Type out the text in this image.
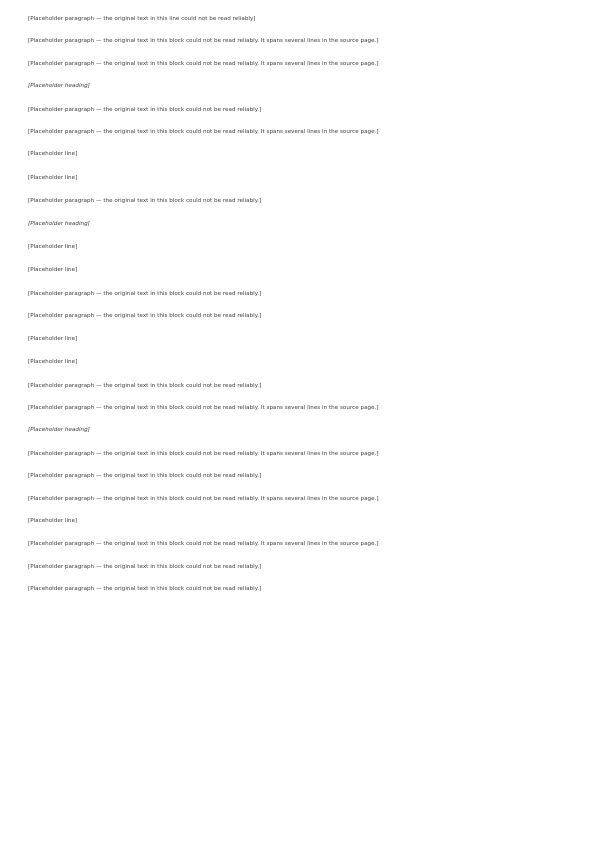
[Placeholder paragraph — the original text in this line could not be read reliably]

[Placeholder paragraph — the original text in this block could not be read reliably. It spans several lines in the source page.]

[Placeholder paragraph — the original text in this block could not be read reliably. It spans several lines in the source page.]

[Placeholder heading]

[Placeholder paragraph — the original text in this block could not be read reliably.]

[Placeholder paragraph — the original text in this block could not be read reliably. It spans several lines in the source page.]

[Placeholder line]

[Placeholder line]

[Placeholder paragraph — the original text in this block could not be read reliably.]

[Placeholder heading]

[Placeholder line]

[Placeholder line]

[Placeholder paragraph — the original text in this block could not be read reliably.]

[Placeholder paragraph — the original text in this block could not be read reliably.]

[Placeholder line]

[Placeholder line]

[Placeholder paragraph — the original text in this block could not be read reliably.]

[Placeholder paragraph — the original text in this block could not be read reliably. It spans several lines in the source page.]

[Placeholder heading]

[Placeholder paragraph — the original text in this block could not be read reliably. It spans several lines in the source page.]

[Placeholder paragraph — the original text in this block could not be read reliably.]

[Placeholder paragraph — the original text in this block could not be read reliably. It spans several lines in the source page.]

[Placeholder line]

[Placeholder paragraph — the original text in this block could not be read reliably. It spans several lines in the source page.]

[Placeholder paragraph — the original text in this block could not be read reliably.]

[Placeholder paragraph — the original text in this block could not be read reliably.]
